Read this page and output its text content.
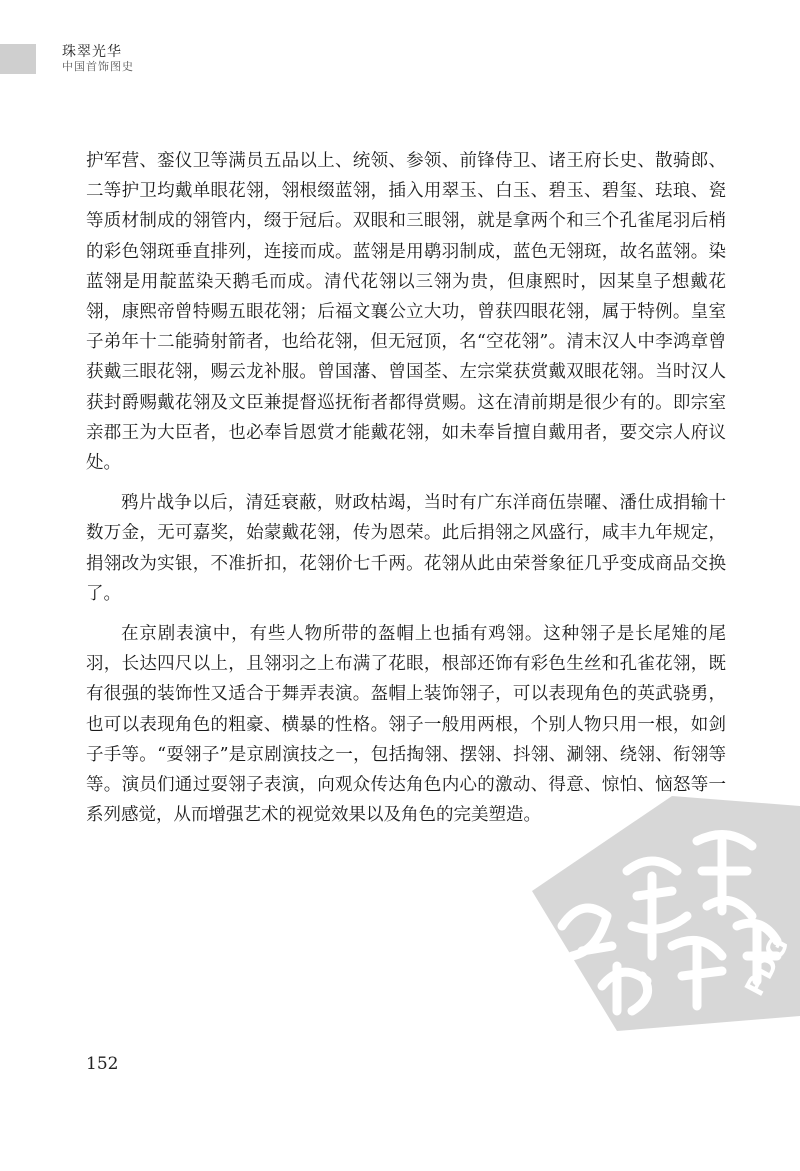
珠翠光华
中国首饰图史

护军营、銮仪卫等满员五品以上、统领、参领、前锋侍卫、诸王府长史、散骑郎、二等护卫均戴单眼花翎，翎根缀蓝翎，插入用翠玉、白玉、碧玉、碧玺、珐琅、瓷等质材制成的翎管内，缀于冠后。双眼和三眼翎，就是拿两个和三个孔雀尾羽后梢的彩色翎斑垂直排列，连接而成。蓝翎是用鹖羽制成，蓝色无翎斑，故名蓝翎。染蓝翎是用靛蓝染天鹅毛而成。清代花翎以三翎为贵，但康熙时，因某皇子想戴花翎，康熙帝曾特赐五眼花翎；后福文襄公立大功，曾获四眼花翎，属于特例。皇室子弟年十二能骑射箭者，也给花翎，但无冠顶，名“空花翎”。清末汉人中李鸿章曾获戴三眼花翎，赐云龙补服。曾国藩、曾国荃、左宗棠获赏戴双眼花翎。当时汉人获封爵赐戴花翎及文臣兼提督巡抚衔者都得赏赐。这在清前期是很少有的。即宗室亲郡王为大臣者，也必奉旨恩赏才能戴花翎，如未奉旨擅自戴用者，要交宗人府议处。

鸦片战争以后，清廷衰蔽，财政枯竭，当时有广东洋商伍崇曜、潘仕成捐输十数万金，无可嘉奖，始蒙戴花翎，传为恩荣。此后捐翎之风盛行，咸丰九年规定，捐翎改为实银，不准折扣，花翎价七千两。花翎从此由荣誉象征几乎变成商品交换了。

在京剧表演中，有些人物所带的盔帽上也插有鸡翎。这种翎子是长尾雉的尾羽，长达四尺以上，且翎羽之上布满了花眼，根部还饰有彩色生丝和孔雀花翎，既有很强的装饰性又适合于舞弄表演。盔帽上装饰翎子，可以表现角色的英武骁勇，也可以表现角色的粗豪、横暴的性格。翎子一般用两根，个别人物只用一根，如剑子手等。“耍翎子”是京剧演技之一，包括掏翎、摆翎、抖翎、涮翎、绕翎、衔翎等等。演员们通过耍翎子表演，向观众传达角色内心的激动、得意、惊怕、恼怒等一系列感觉，从而增强艺术的视觉效果以及角色的完美塑造。

PDG
152
